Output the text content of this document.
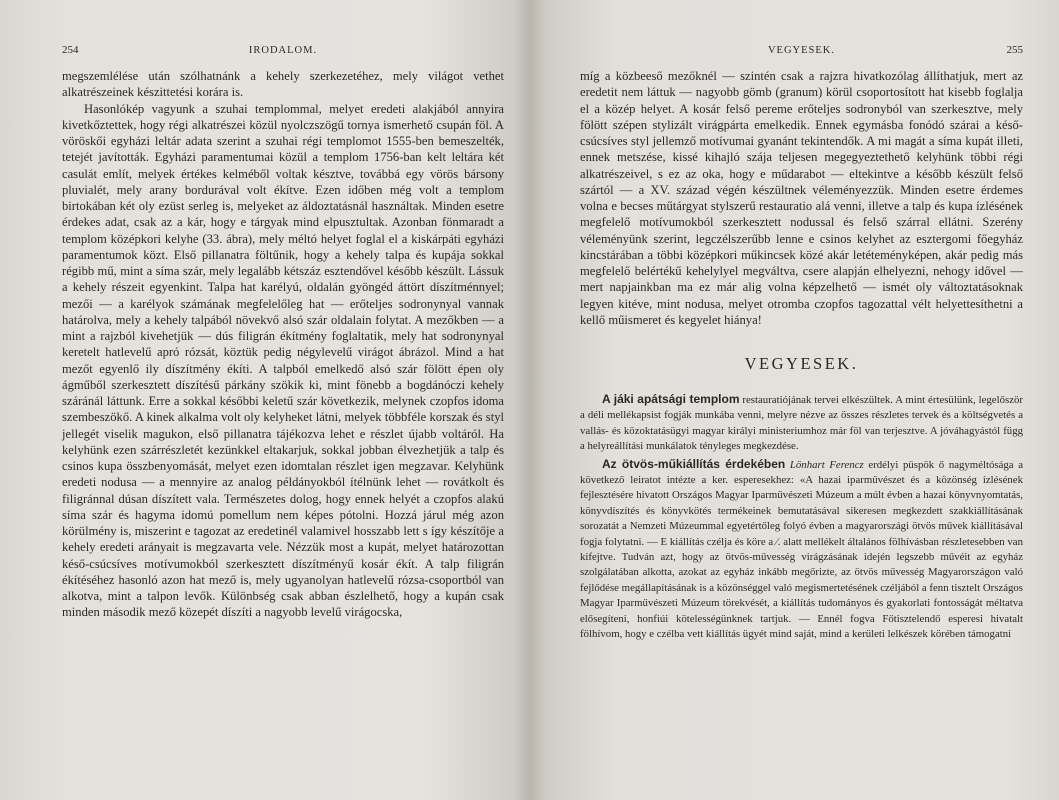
254	IRODALOM.

megszemlélése után szólhatnánk a kehely szerkezetéhez, mely világot vethet alkatrészeinek készittetési korára is.

Hasonlókép vagyunk a szuhai templommal, melyet eredeti alakjából annyira kivetkőztettek, hogy régi alkatrészei közül nyolczszögű tornya ismerhető csupán föl. A vöröskői egyházi leltár adata szerint a szuhai régi templomot 1555-ben bemeszelték, tetejét javították. Egyházi paramentumai közül a templom 1756-ban kelt leltára két casulát említ, melyek értékes kelméből voltak késztve, továbbá egy vörös bársony pluvialét, mely arany bordurával volt ékítve. Ezen időben még volt a templom birtokában két oly ezüst serleg is, melyeket az áldoztatásnál használtak. Minden esetre érdekes adat, csak az a kár, hogy e tárgyak mind elpusztultak. Azonban fönmaradt a templom középkori kelyhe (33. ábra), mely méltó helyet foglal el a kiskárpáti egyházi paramentumok közt. Első pillanatra föltűnik, hogy a kehely talpa és kupája sokkal régibb mű, mint a síma szár, mely legalább kétszáz esztendővel később készült. Lássuk a kehely részeit egyenkint. Talpa hat karélyú, oldalán gyöngéd áttört díszítménnyel; mezői — a karélyok számának megfelelőleg hat — erőteljes sodronynyal vannak határolva, mely a kehely talpából növekvő alsó szár oldalain folytat. A mezőkben — a mint a rajzból kivehetjük — dús filigrán ékítmény foglaltatik, mely hat sodronynyal keretelt hatlevelű apró rózsát, köztük pedig négylevelű virágot ábrázol. Mind a hat mezőt egyenlő ily díszítmény ékíti. A talpból emelkedő alsó szár fölött épen oly ágműből szerkesztett díszítésű párkány szökik ki, mint fönebb a bogdánóczi kehely száránál láttunk. Erre a sokkal későbbi keletű szár következik, melynek czopfos idoma szembeszökő. A kinek alkalma volt oly kelyheket látni, melyek többféle korszak és styl jellegét viselik magukon, első pillanatra tájékozva lehet e részlet újabb voltáról. Ha kelyhünk ezen szárrészletét kezünkkel eltakarjuk, sokkal jobban élvezhetjük a talp és csinos kupa összbenyomását, melyet ezen idomtalan részlet igen megzavar. Kelyhünk eredeti nodusa — a mennyire az analog példányokból ítélnünk lehet — rovátkolt és filigránnal dúsan díszített vala. Természetes dolog, hogy ennek helyét a czopfos alakú síma szár és hagyma idomú pomellum nem képes pótolni. Hozzá járul még azon körülmény is, miszerint e tagozat az eredetinél valamivel hosszabb lett s így készítője a kehely eredeti arányait is megzavarta vele. Nézzük most a kupát, melyet határozottan késő-csúcsíves motívumokból szerkesztett díszítményű kosár ékít. A talp filigrán ékítéséhez hasonló azon hat mező is, mely ugyanolyan hatlevelű rózsa-csoportból van alkotva, mint a talpon levők. Különbség csak abban észlelhető, hogy a kupán csak minden második mező közepét díszíti a nagyobb levelű virágocska,

VEGYESEK.	255

míg a közbeeső mezőknél — szintén csak a rajzra hivatkozólag állíthatjuk, mert az eredetit nem láttuk — nagyobb gömb (granum) körül csoportosított hat kisebb foglalja el a közép helyet. A kosár felső pereme erőteljes sodronyból van szerkesztve, mely fölött szépen stylizált virágpárta emelkedik. Ennek egymásba fonódó szárai a késő-csúcsíves styl jellemző motívumai gyanánt tekintendők. A mi magát a síma kupát illeti, ennek metszése, kissé kihajló szája teljesen megegyeztethető kelyhünk többi régi alkatrészeivel, s ez az oka, hogy e műdarabot — eltekintve a később készült felső szártól — a XV. század végén készültnek véleményezzük. Minden esetre érdemes volna e becses műtárgyat stylszerű restauratio alá venni, illetve a talp és kupa ízlésének megfelelő motívumokból szerkesztett nodussal és felső szárral ellátni. Szerény véleményünk szerint, legczélszerűbb lenne e csinos kelyhet az esztergomi főegyház kincstárában a többi középkori műkincsek közé akár letéteményképen, akár pedig más megfelelő belértékű kehelylyel megváltva, csere alapján elhelyezni, nehogy idővel — mert napjainkban ma ez már alig volna képzelhető — ismét oly változtatásoknak legyen kitéve, mint nodusa, melyet otromba czopfos tagozattal vélt helyettesíthetni a kellő műismeret és kegyelet hiánya!

VEGYESEK.

A jáki apátsági templom restauratiójának tervei elkészültek. A mint értesülünk, legelőször a déli mellékapsist fogják munkába venni, melyre nézve az összes részletes tervek és a költségvetés a vallás- és közoktatásügyi magyar királyi ministeriumhoz már föl van terjesztve. A jóváhagyástól függ a helyreállítási munkálatok tényleges megkezdése.

Az ötvös-műkiállítás érdekében Lönhart Ferencz erdélyi püspök ő nagyméltósága a következő leiratot intézte a ker. esperesekhez: «A hazai iparművészet és a közönség ízlésének fejlesztésére hivatott Országos Magyar Iparművészeti Múzeum a múlt évben a hazai könyvnyomtatás, könyvdíszítés és könyvkötés termékeinek bemutatásával sikeresen megkezdett szakkiállításának sorozatát a Nemzeti Múzeummal egyetértőleg folyó évben a magyarországi ötvös művek kiállításával fogja folytatni. — E kiállítás czélja és köre a ⁄. alatt mellékelt általános fölhívásban részletesebben van kifejtve. Tudván azt, hogy az ötvös-művesség virágzásának idején legszebb művéit az egyház szolgálatában alkotta, azokat az egyház inkább megőrizte, az ötvös művesség Magyarországon való fejlődése megállapításának is a közönséggel való megismertetésének czéljából a fenn tisztelt Országos Magyar Iparművészeti Múzeum törekvését, a kiállítás tudományos és gyakorlati fontosságát méltatva elősegíteni, honfiúi kötelességünknek tartjuk. — Ennél fogva Főtisztelendő esperesi hivatalt fölhívom, hogy e czélba vett kiállítás ügyét mind saját, mind a kerületi lelkészek körében támogatni
